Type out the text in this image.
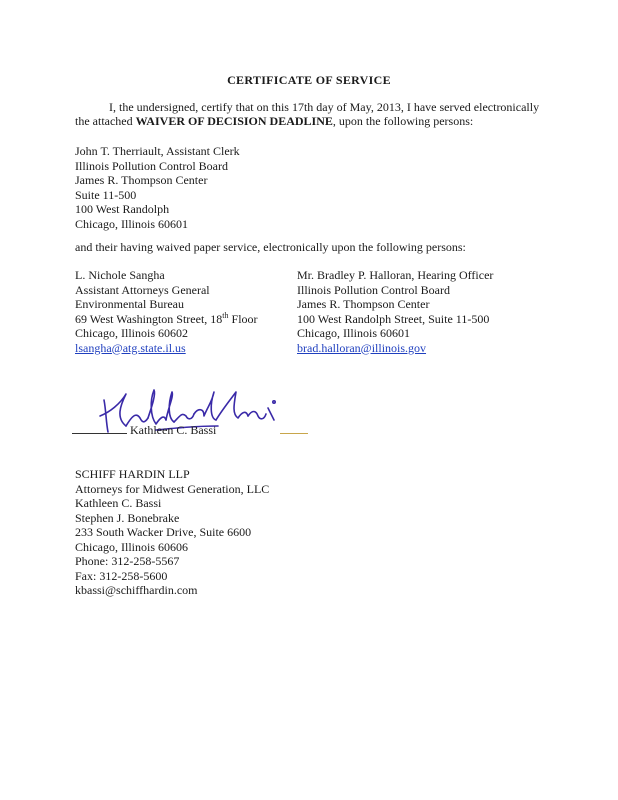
CERTIFICATE OF SERVICE

I, the undersigned, certify that on this 17th day of May, 2013, I have served electronically

the attached WAIVER OF DECISION DEADLINE, upon the following persons:

John T. Therriault, Assistant Clerk

Illinois Pollution Control Board

James R. Thompson Center

Suite 11-500

100 West Randolph

Chicago, Illinois 60601

and their having waived paper service, electronically upon the following persons:

L. Nichole Sangha

Assistant Attorneys General

Environmental Bureau

69 West Washington Street, 18th Floor

Chicago, Illinois 60602

lsangha@atg.state.il.us

Mr. Bradley P. Halloran, Hearing Officer

Illinois Pollution Control Board

James R. Thompson Center

100 West Randolph Street, Suite 11-500

Chicago, Illinois 60601

brad.halloran@illinois.gov

Kathleen C. Bassi

SCHIFF HARDIN LLP

Attorneys for Midwest Generation, LLC

Kathleen C. Bassi

Stephen J. Bonebrake

233 South Wacker Drive, Suite 6600

Chicago, Illinois 60606

Phone: 312-258-5567

Fax: 312-258-5600

kbassi@schiffhardin.com
